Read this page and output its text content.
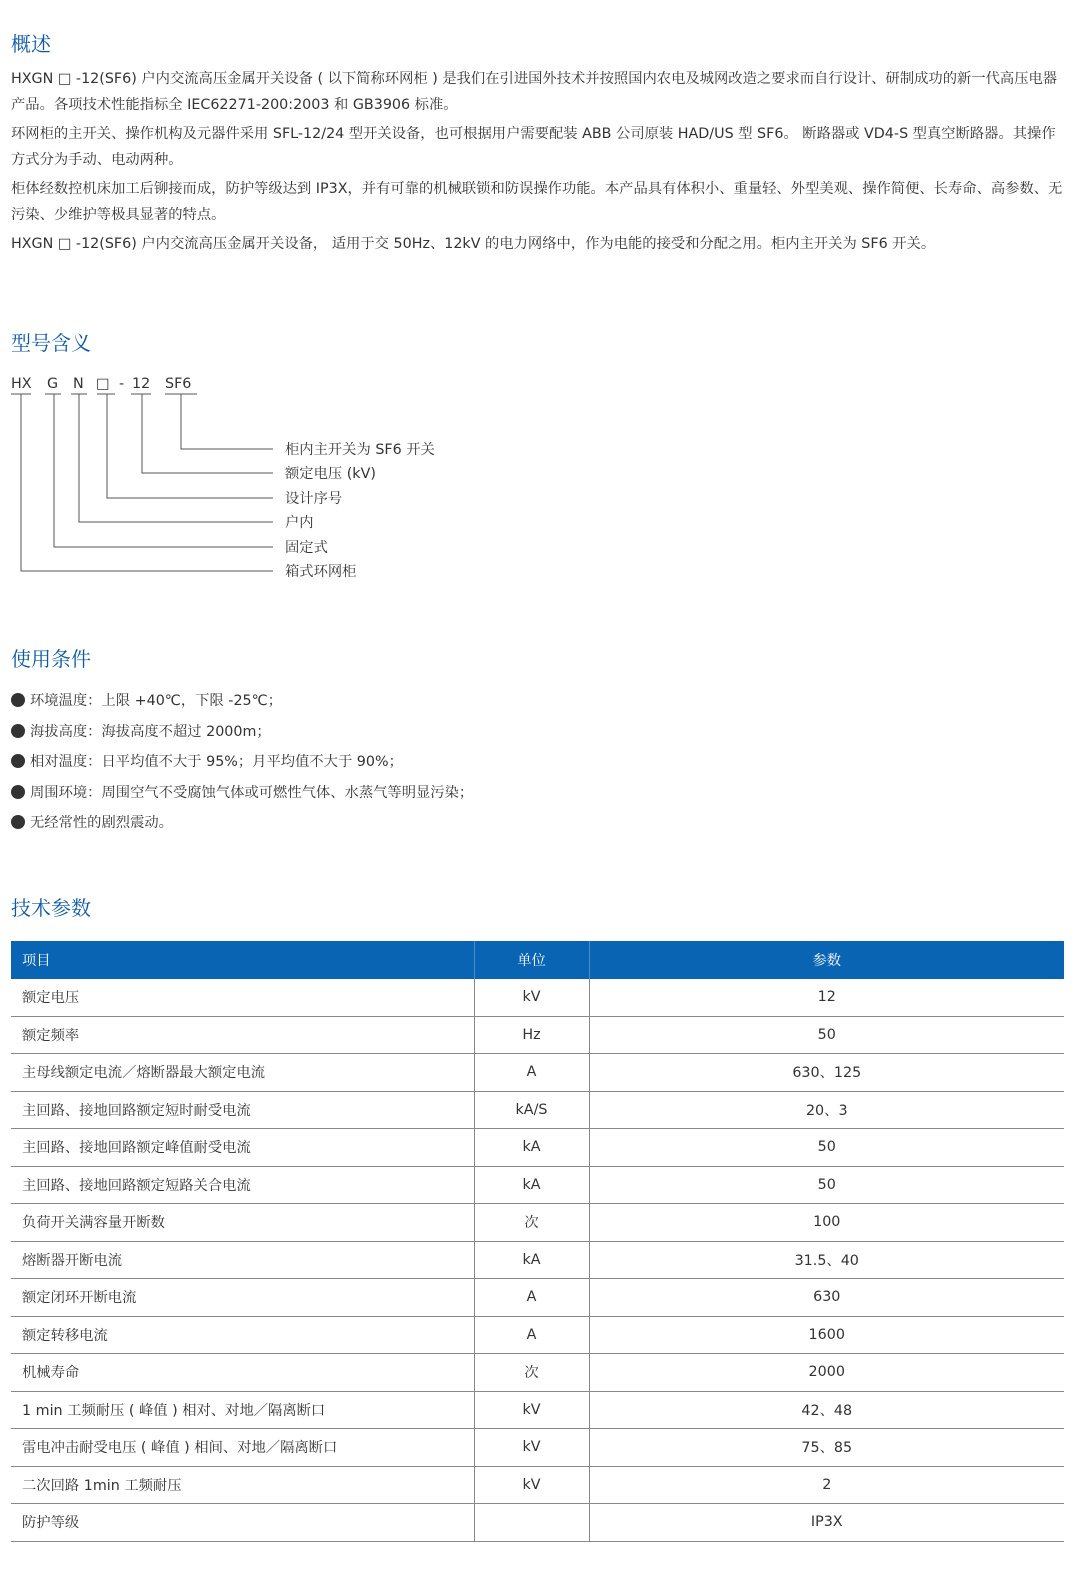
概述

HXGN □ -12(SF6) 户内交流高压金属开关设备 ( 以下简称环网柜 ) 是我们在引进国外技术并按照国内农电及城网改造之要求而自行设计、研制成功的新一代高压电器产品。各项技术性能指标全 IEC62271-200:2003 和 GB3906 标准。

环网柜的主开关、操作机构及元器件采用 SFL-12/24 型开关设备，也可根据用户需要配装 ABB 公司原装 HAD/US 型 SF6。 断路器或 VD4-S 型真空断路器。其操作方式分为手动、电动两种。

柜体经数控机床加工后铆接而成，防护等级达到 IP3X，并有可靠的机械联锁和防误操作功能。本产品具有体积小、重量轻、外型美观、操作简便、长寿命、高参数、无污染、少维护等极具显著的特点。

HXGN □ -12(SF6) 户内交流高压金属开关设备， 适用于交 50Hz、12kV 的电力网络中，作为电能的接受和分配之用。柜内主开关为 SF6 开关。

型号含义
HX G N □ - 12 SF6
柜内主开关为 SF6 开关
额定电压 (kV)
设计序号
户内
固定式
箱式环网柜
使用条件
环境温度：上限 +40℃，下限 -25℃；
海拔高度：海拔高度不超过 2000m；
相对温度：日平均值不大于 95%；月平均值不大于 90%；
周围环境：周围空气不受腐蚀气体或可燃性气体、水蒸气等明显污染；
无经常性的剧烈震动。
技术参数
项目	单位	参数
额定电压	kV	12
额定频率	Hz	50
主母线额定电流／熔断器最大额定电流	A	630、125
主回路、接地回路额定短时耐受电流	kA/S	20、3
主回路、接地回路额定峰值耐受电流	kA	50
主回路、接地回路额定短路关合电流	kA	50
负荷开关满容量开断数	次	100
熔断器开断电流	kA	31.5、40
额定闭环开断电流	A	630
额定转移电流	A	1600
机械寿命	次	2000
1 min 工频耐压 ( 峰值 ) 相对、对地／隔离断口	kV	42、48
雷电冲击耐受电压 ( 峰值 ) 相间、对地／隔离断口	kV	75、85
二次回路 1min 工频耐压	kV	2
防护等级		IP3X
